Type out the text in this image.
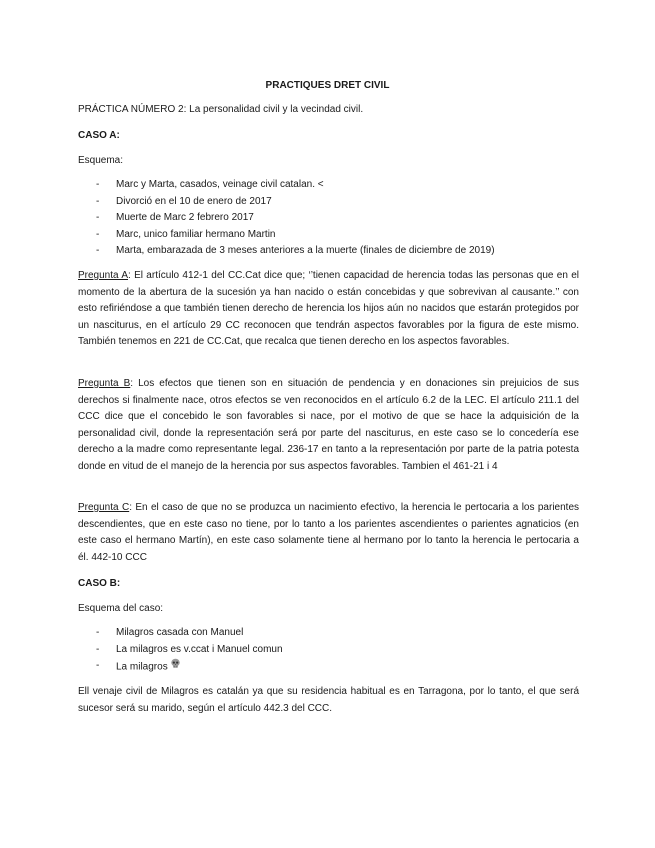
PRACTIQUES DRET CIVIL
PRÁCTICA NÚMERO 2: La personalidad civil y la vecindad civil.
CASO A:
Esquema:
- Marc y Marta, casados, veinage civil catalan. <
- Divorció en el 10 de enero de 2017
- Muerte de Marc 2 febrero 2017
- Marc, unico familiar hermano Martin
- Marta, embarazada de 3 meses anteriores a la muerte (finales de diciembre de 2019)

Pregunta A: El artículo 412-1 del CC.Cat dice que; ‘’tienen capacidad de herencia todas las personas que en el momento de la abertura de la sucesión ya han nacido o están concebidas y que sobrevivan al causante.’’ con esto refiriéndose a que también tienen derecho de herencia los hijos aún no nacidos que estarán protegidos por un nasciturus, en el artículo 29 CC reconocen que tendrán aspectos favorables por la figura de este mismo. También tenemos en 221 de CC.Cat, que recalca que tienen derecho en los aspectos favorables.

Pregunta B: Los efectos que tienen son en situación de pendencia y en donaciones sin prejuicios de sus derechos si finalmente nace, otros efectos se ven reconocidos en el artículo 6.2 de la LEC. El artículo 211.1 del CCC dice que el concebido le son favorables si nace, por el motivo de que se hace la adquisición de la personalidad civil, donde la representación será por parte del nasciturus, en este caso se lo concedería ese derecho a la madre como representante legal. 236-17 en tanto a la representación por parte de la patria potesta donde en vitud de el manejo de la herencia por sus aspectos favorables. Tambien el 461-21 i 4

Pregunta C: En el caso de que no se produzca un nacimiento efectivo, la herencia le pertocaria a los parientes descendientes, que en este caso no tiene, por lo tanto a los parientes ascendientes o parientes agnaticios (en este caso el hermano Martín), en este caso solamente tiene al hermano por lo tanto la herencia le pertocaria a él. 442-10 CCC

CASO B:
Esquema del caso:
- Milagros casada con Manuel
- La milagros es v.ccat i Manuel comun
- La milagros

Ell venaje civil de Milagros es catalán ya que su residencia habitual es en Tarragona, por lo tanto, el que será sucesor será su marido, según el artículo 442.3 del CCC.
